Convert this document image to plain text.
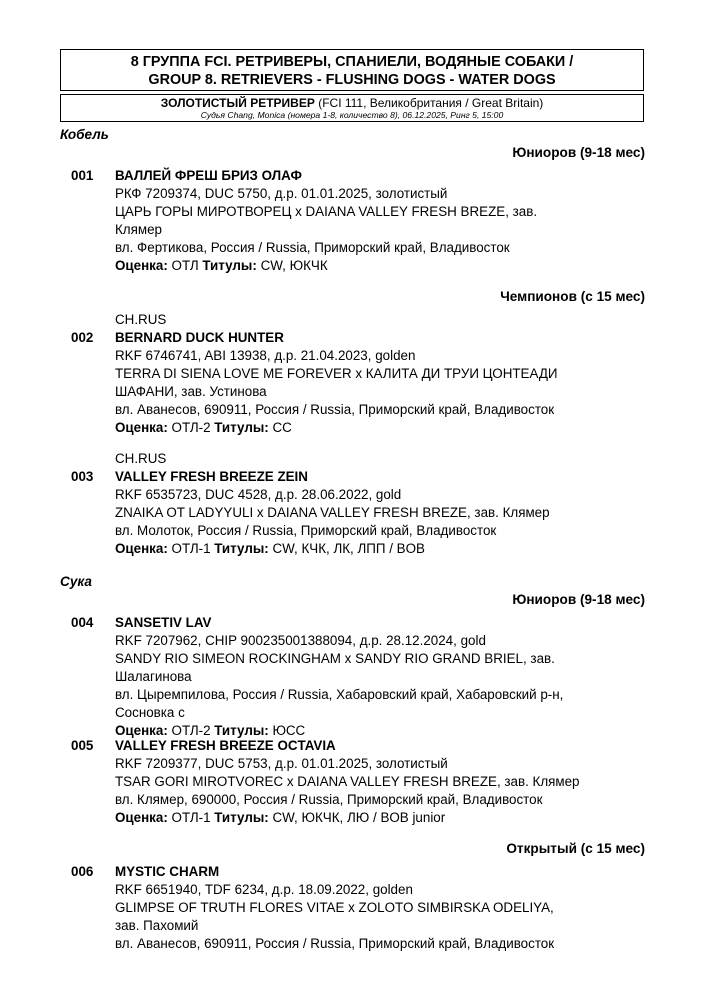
8 ГРУППА FCI. РЕТРИВЕРЫ, СПАНИЕЛИ, ВОДЯНЫЕ СОБАКИ /
GROUP 8. RETRIEVERS - FLUSHING DOGS - WATER DOGS
ЗОЛОТИСТЫЙ РЕТРИВЕР (FCI 111, Великобритания / Great Britain)
Судья Chang, Monica (номера 1-8, количество 8), 06.12.2025, Ринг 5, 15:00
Кобель
Юниоров (9-18 мес)
001	ВАЛЛЕЙ ФРЕШ БРИЗ ОЛАФ
РКФ 7209374, DUC 5750, д.р. 01.01.2025, золотистый
ЦАРЬ ГОРЫ МИРОТВОРЕЦ x DAIANA VALLEY FRESH BREZE, зав.
Клямер
вл. Фертикова, Россия / Russia, Приморский край, Владивосток
Оценка: ОТЛ Титулы: CW, ЮКЧК
Чемпионов (с 15 мес)
002
CH.RUS
BERNARD DUCK HUNTER
RKF 6746741, ABI 13938, д.р. 21.04.2023, golden
TERRA DI SIENA LOVE ME FOREVER x КАЛИТА ДИ ТРУИ ЦОНТЕАДИ
ШАФАНИ, зав. Устинова
вл. Аванесов, 690911, Россия / Russia, Приморский край, Владивосток
Оценка: ОТЛ-2 Титулы: CC
003
CH.RUS
VALLEY FRESH BREEZE ZEIN
RKF 6535723, DUC 4528, д.р. 28.06.2022, gold
ZNAIKA OT LADYYULI x DAIANA VALLEY FRESH BREZE, зав. Клямер
вл. Молоток, Россия / Russia, Приморский край, Владивосток
Оценка: ОТЛ-1 Титулы: CW, КЧК, ЛК, ЛПП / BOB
Сука
Юниоров (9-18 мес)
004	SANSETIV LAV
RKF 7207962, CHIP 900235001388094, д.р. 28.12.2024, gold
SANDY RIO SIMEON ROCKINGHAM x SANDY RIO GRAND BRIEL, зав.
Шалагинова
вл. Цыремпилова, Россия / Russia, Хабаровский край, Хабаровский р-н,
Сосновка с
Оценка: ОТЛ-2 Титулы: ЮСС
005	VALLEY FRESH BREEZE OCTAVIA
RKF 7209377, DUC 5753, д.р. 01.01.2025, золотистый
TSAR GORI MIROTVOREC x DAIANA VALLEY FRESH BREZE, зав. Клямер
вл. Клямер, 690000, Россия / Russia, Приморский край, Владивосток
Оценка: ОТЛ-1 Титулы: CW, ЮКЧК, ЛЮ / BOB junior
Открытый (с 15 мес)
006	MYSTIC CHARM
RKF 6651940, TDF 6234, д.р. 18.09.2022, golden
GLIMPSE OF TRUTH FLORES VITAE x ZOLOTO SIMBIRSKA ODELIYA,
зав. Пахомий
вл. Аванесов, 690911, Россия / Russia, Приморский край, Владивосток
